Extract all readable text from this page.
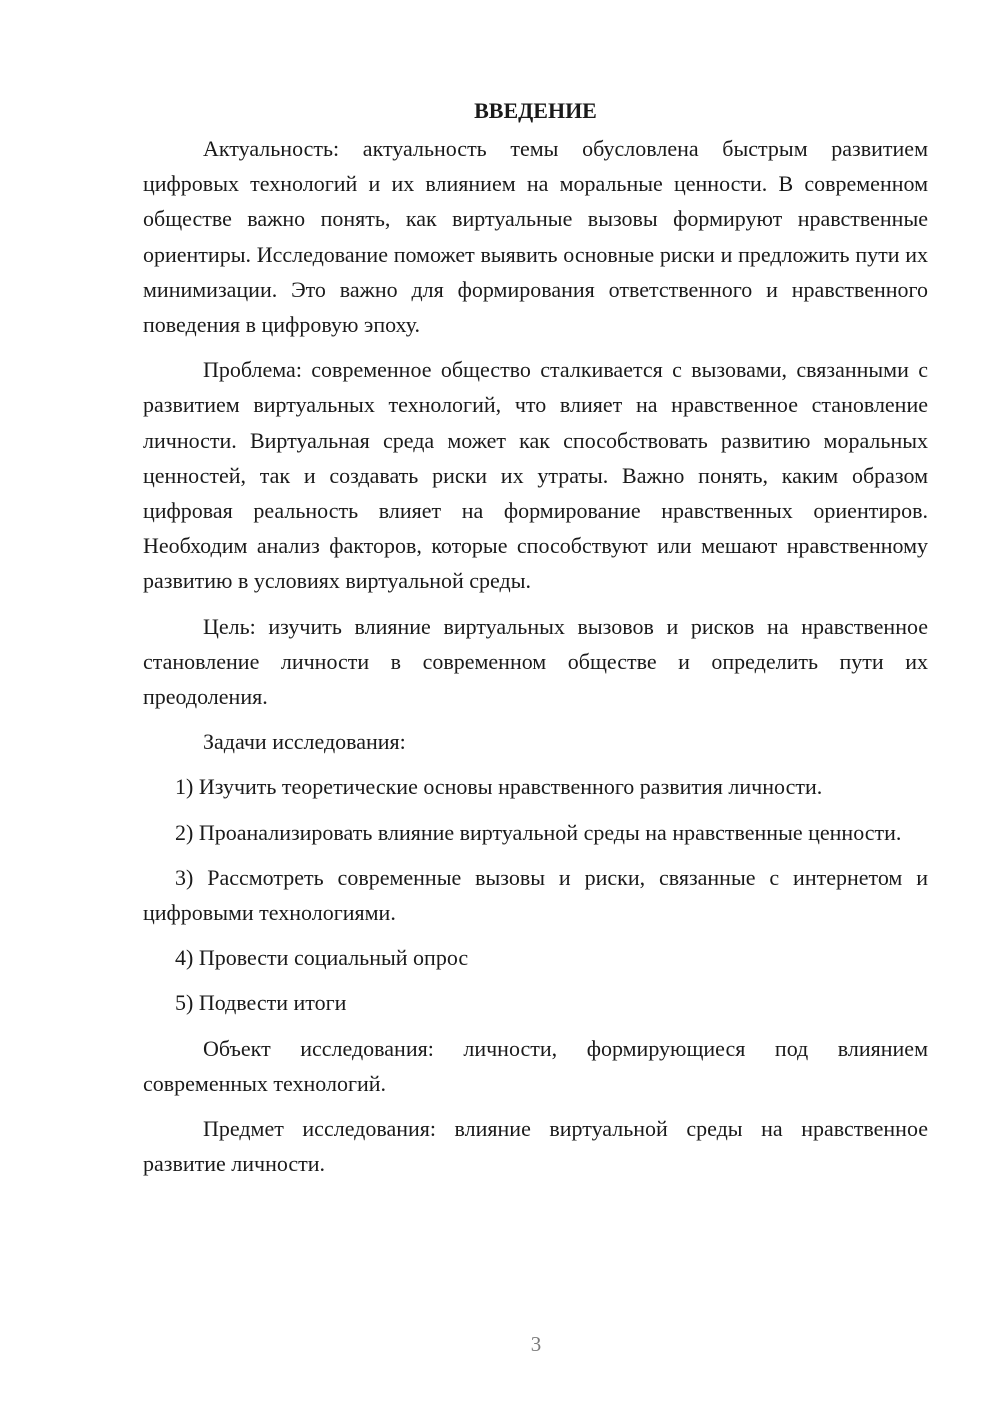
ВВЕДЕНИЕ

Актуальность: актуальность темы обусловлена быстрым развитием цифровых технологий и их влиянием на моральные ценности. В современном обществе важно понять, как виртуальные вызовы формируют нравственные ориентиры. Исследование поможет выявить основные риски и предложить пути их минимизации. Это важно для формирования ответственного и нравственного поведения в цифровую эпоху.

Проблема: современное общество сталкивается с вызовами, связанными с развитием виртуальных технологий, что влияет на нравственное становление личности. Виртуальная среда может как способствовать развитию моральных ценностей, так и создавать риски их утраты. Важно понять, каким образом цифровая реальность влияет на формирование нравственных ориентиров. Необходим анализ факторов, которые способствуют или мешают нравственному развитию в условиях виртуальной среды.

Цель: изучить влияние виртуальных вызовов и рисков на нравственное становление личности в современном обществе и определить пути их преодоления.

Задачи исследования:

1) Изучить теоретические основы нравственного развития личности.

2) Проанализировать влияние виртуальной среды на нравственные ценности.

3) Рассмотреть современные вызовы и риски, связанные с интернетом и цифровыми технологиями.

4) Провести социальный опрос

5) Подвести итоги

Объект исследования: личности, формирующиеся под влиянием современных технологий.

Предмет исследования: влияние виртуальной среды на нравственное развитие личности.

3
